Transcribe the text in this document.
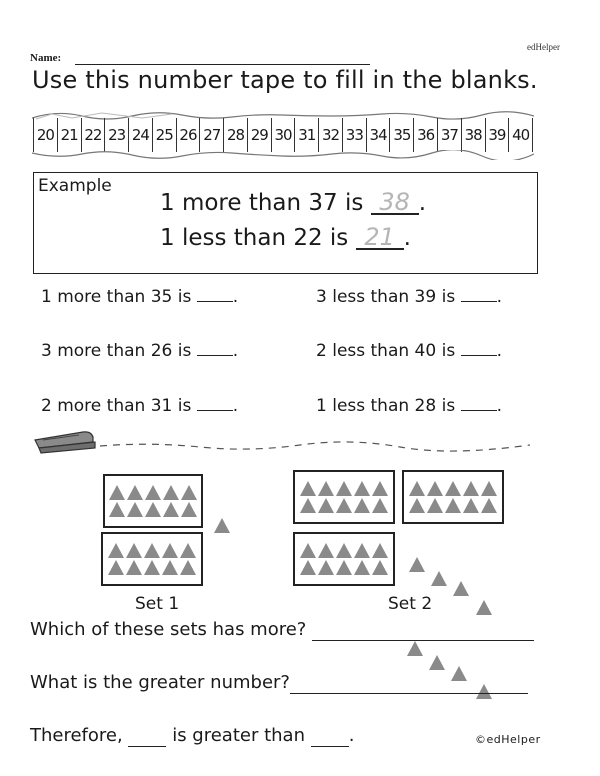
edHelper
Name:
Use this number tape to fill in the blanks.
20 21 22 23 24 25 26 27 28 29 30 31 32 33 34 35 36 37 38 39 40
Example
1 more than 37 is 38 .
1 less than 22 is 21 .
1 more than 35 is .	3 less than 39 is .
3 more than 26 is .	2 less than 40 is .
2 more than 31 is .	1 less than 28 is .
Set 1	Set 2
Which of these sets has more?
What is the greater number?
Therefore,	is greater than .	©edHelper
